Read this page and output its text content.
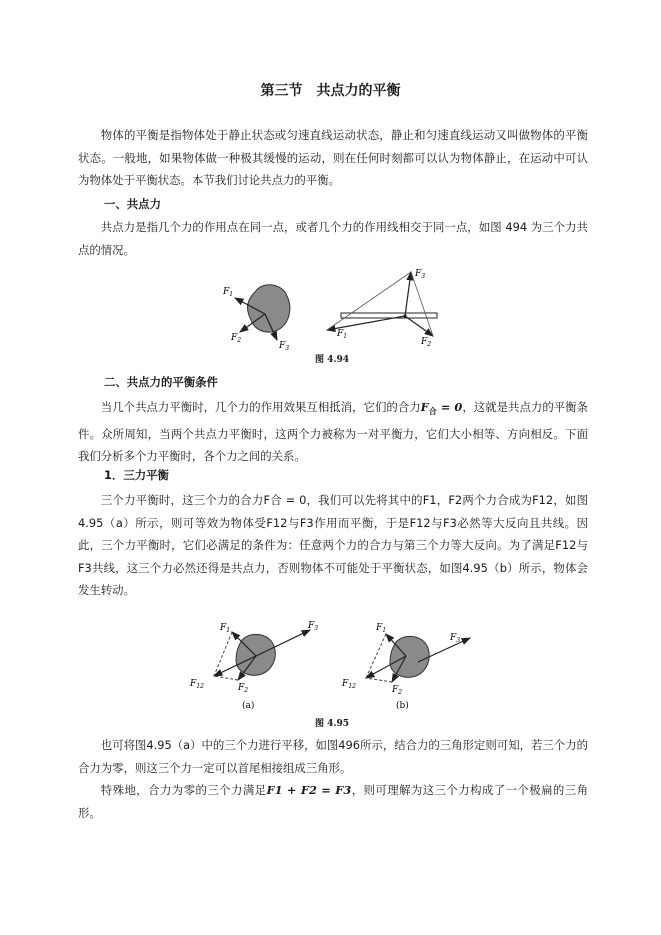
第三节　共点力的平衡
物体的平衡是指物体处于静止状态或匀速直线运动状态，静止和匀速直线运动又叫做物体的平衡状态。一般地，如果物体做一种极其缓慢的运动，则在任何时刻都可以认为物体静止，在运动中可认为物体处于平衡状态。本节我们讨论共点力的平衡。
一、共点力
共点力是指几个力的作用点在同一点，或者几个力的作用线相交于同一点，如图 494 为三个力共点的情况。
$F_1$
$F_2$
$F_3$
$F_3$
$F_1$
$F_2$
图 4.94
二、共点力的平衡条件
当几个共点力平衡时，几个力的作用效果互相抵消，它们的合力$F_合 = 0$，这就是共点力的平衡条件。众所周知，当两个共点力平衡时，这两个力被称为一对平衡力，它们大小相等、方向相反。下面我们分析多个力平衡时，各个力之间的关系。
1．三力平衡
三个力平衡时，这三个力的合力F合 = 0，我们可以先将其中的F1，F2两个力合成为F12，如图4.95（a）所示，则可等效为物体受F12与F3作用而平衡，于是F12与F3必然等大反向且共线。因此，三个力平衡时，它们必满足的条件为：任意两个力的合力与第三个力等大反向。为了满足F12与F3共线，这三个力必然还得是共点力，否则物体不可能处于平衡状态，如图4.95（b）所示，物体会发生转动。
$F_1$	$F_3$
$F_{12}$	$F_2$
$F_1$
$F_3$
$F_{12}$	$F_2$
(a)	(b)
图 4.95
也可将图4.95（a）中的三个力进行平移，如图496所示，结合力的三角形定则可知，若三个力的合力为零，则这三个力一定可以首尾相接组成三角形。
特殊地，合力为零的三个力满足F1 + F2 = F3，则可理解为这三个力构成了一个极扁的三角形。
